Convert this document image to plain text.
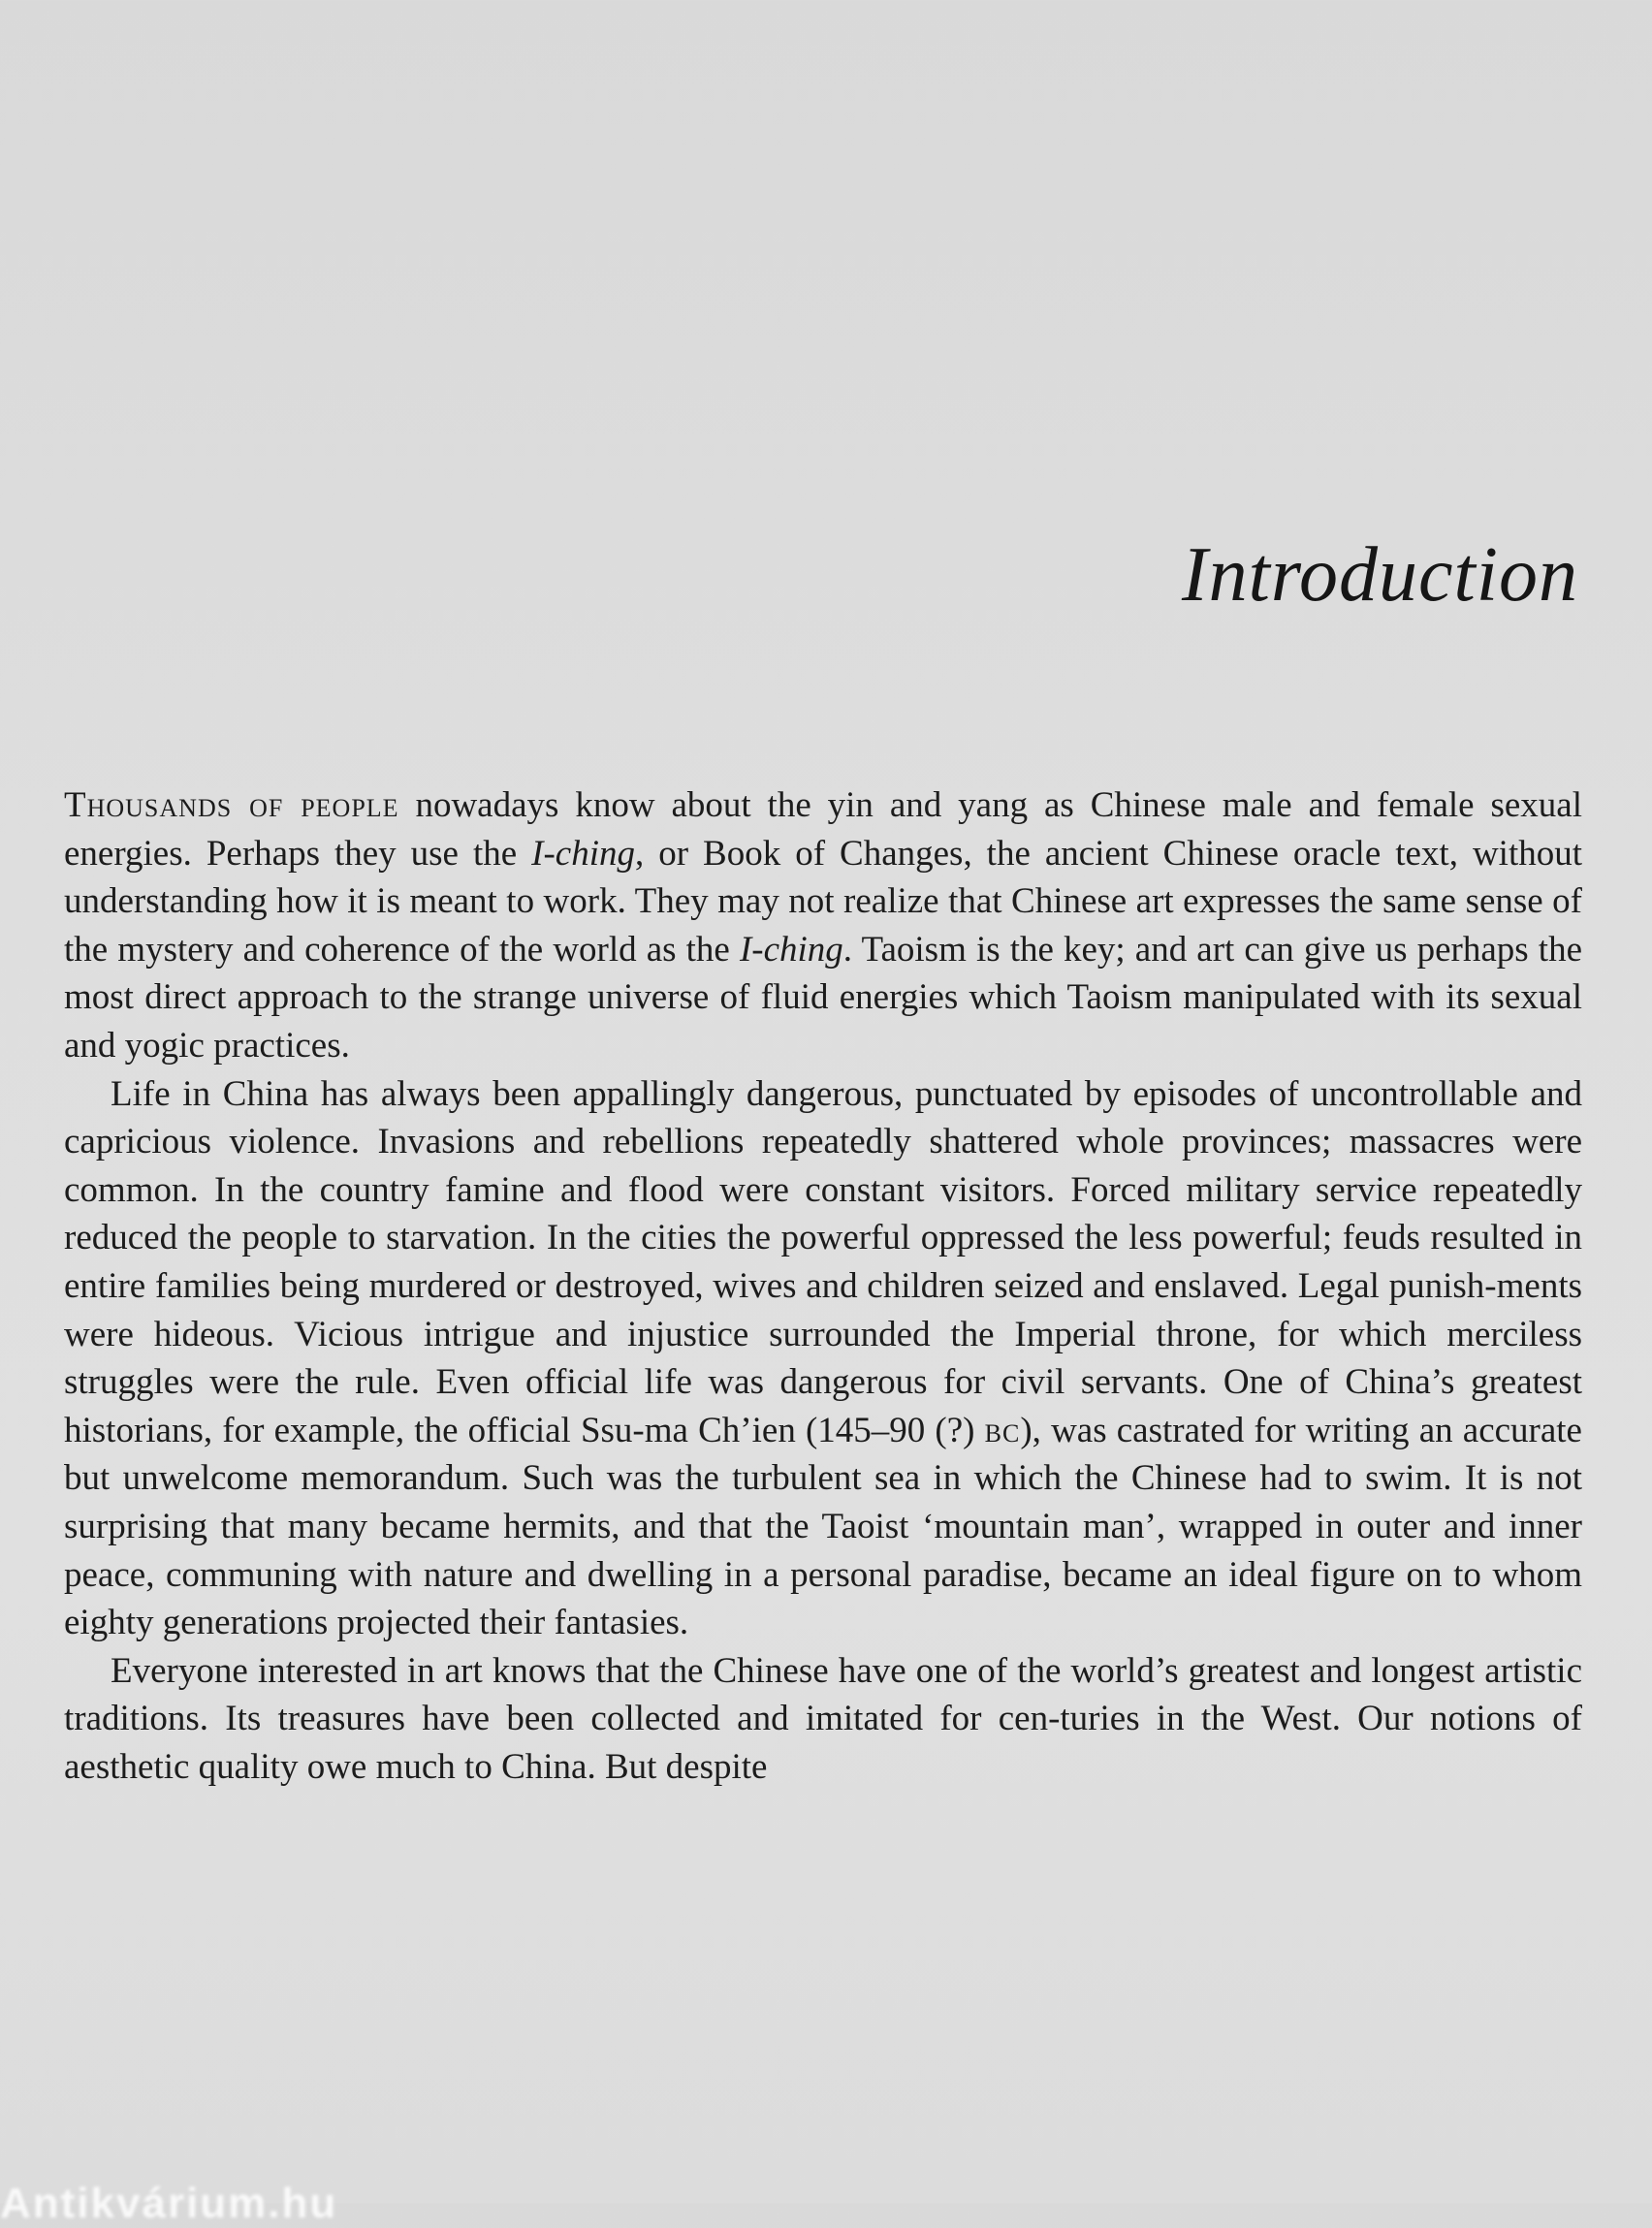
Introduction

Thousands of people nowadays know about the yin and yang as Chinese male and female sexual energies. Perhaps they use the I-ching, or Book of Changes, the ancient Chinese oracle text, without understanding how it is meant to work. They may not realize that Chinese art expresses the same sense of the mystery and coherence of the world as the I-ching. Taoism is the key; and art can give us perhaps the most direct approach to the strange universe of fluid energies which Taoism manipulated with its sexual and yogic practices.

Life in China has always been appallingly dangerous, punctuated by episodes of uncontrollable and capricious violence. Invasions and rebellions repeatedly shattered whole provinces; massacres were common. In the country famine and flood were constant visitors. Forced military service repeatedly reduced the people to starvation. In the cities the powerful oppressed the less powerful; feuds resulted in entire families being murdered or destroyed, wives and children seized and enslaved. Legal punish-ments were hideous. Vicious intrigue and injustice surrounded the Imperial throne, for which merciless struggles were the rule. Even official life was dangerous for civil servants. One of China’s greatest historians, for example, the official Ssu-ma Ch’ien (145–90 (?) bc), was castrated for writing an accurate but unwelcome memorandum. Such was the turbulent sea in which the Chinese had to swim. It is not surprising that many became hermits, and that the Taoist ‘mountain man’, wrapped in outer and inner peace, communing with nature and dwelling in a personal paradise, became an ideal figure on to whom eighty generations projected their fantasies.

Everyone interested in art knows that the Chinese have one of the world’s greatest and longest artistic traditions. Its treasures have been collected and imitated for cen-turies in the West. Our notions of aesthetic quality owe much to China. But despite

Antikvárium.hu
